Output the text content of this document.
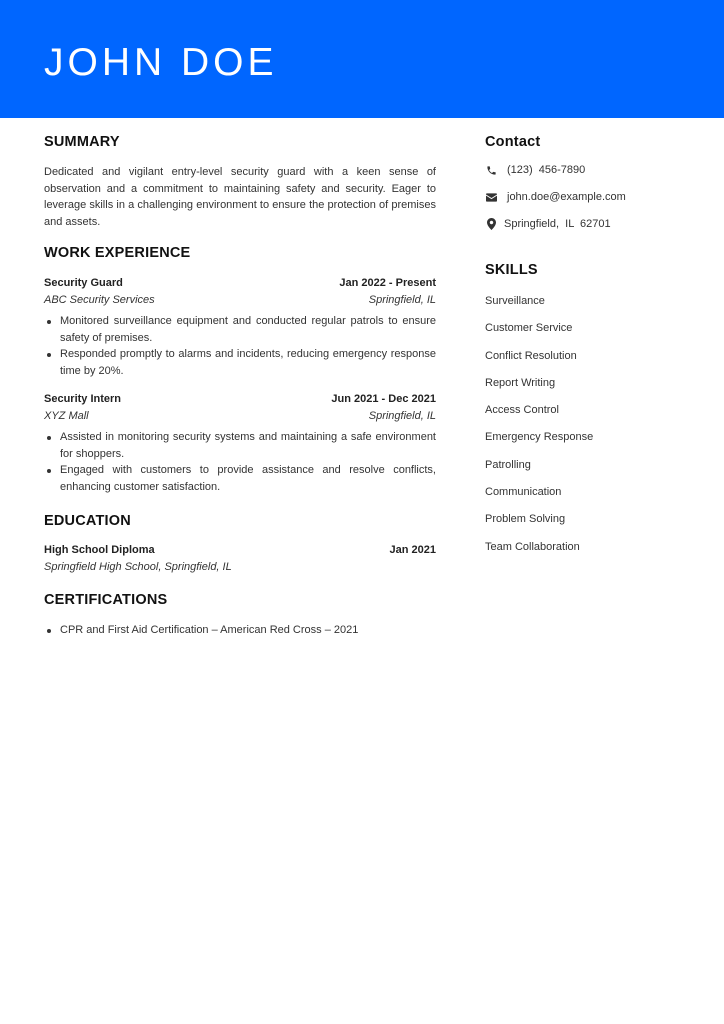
JOHN DOE
SUMMARY

Dedicated and vigilant entry-level security guard with a keen sense of observation and a commitment to maintaining safety and security. Eager to leverage skills in a challenging environment to ensure the protection of premises and assets.

WORK EXPERIENCE
Security Guard	Jan 2022 - Present
ABC Security Services	Springfield, IL
Monitored surveillance equipment and conducted regular patrols to ensure safety of premises.
Responded promptly to alarms and incidents, reducing emergency response time by 20%.
Security Intern	Jun 2021 - Dec 2021
XYZ Mall	Springfield, IL
Assisted in monitoring security systems and maintaining a safe environment for shoppers.
Engaged with customers to provide assistance and resolve conflicts, enhancing customer satisfaction.
EDUCATION
High School Diploma	Jan 2021
Springfield High School, Springfield, IL
CERTIFICATIONS
CPR and First Aid Certification – American Red Cross – 2021
Contact
(123)  456-7890
john.doe@example.com
Springfield,  IL  62701
SKILLS
Surveillance
Customer Service
Conflict Resolution
Report Writing
Access Control
Emergency Response
Patrolling
Communication
Problem Solving
Team Collaboration
